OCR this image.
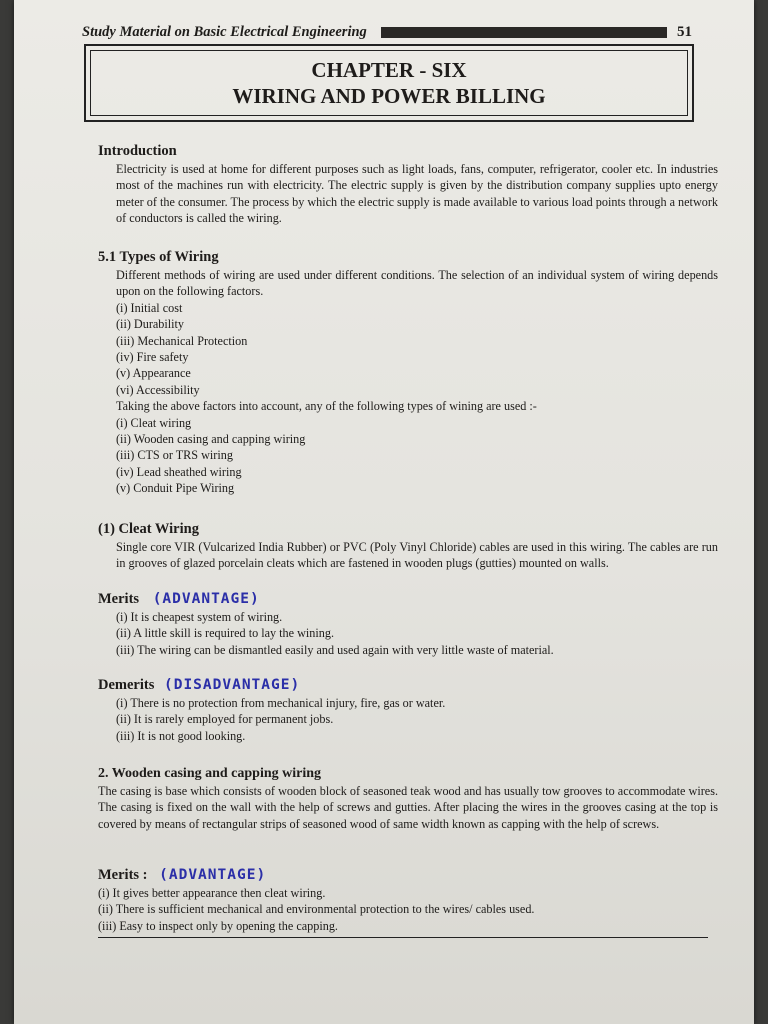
Study Material on Basic Electrical Engineering	51
CHAPTER - SIX
WIRING AND POWER BILLING
Introduction

Electricity is used at home for different purposes such as light loads, fans, computer, refrigerator, cooler etc. In industries most of the machines run with electricity. The electric supply is given by the distribution company supplies upto energy meter of the consumer. The process by which the electric supply is made available to various load points through a network of conductors is called the wiring.

5.1 Types of Wiring

Different methods of wiring are used under different conditions. The selection of an individual system of wiring depends upon on the following factors.

(i) Initial cost
(ii) Durability
(iii) Mechanical Protection
(iv) Fire safety
(v) Appearance
(vi) Accessibility

Taking the above factors into account, any of the following types of wining are used :-

(i) Cleat wiring
(ii) Wooden casing and capping wiring
(iii) CTS or TRS wiring
(iv) Lead sheathed wiring
(v) Conduit Pipe Wiring
(1) Cleat Wiring

Single core VIR (Vulcarized India Rubber) or PVC (Poly Vinyl Chloride) cables are used in this wiring. The cables are run in grooves of glazed porcelain cleats which are fastened in wooden plugs (gutties) mounted on walls.

Merits (ADVANTAGE)
(i) It is cheapest system of wiring.
(ii) A little skill is required to lay the wining.
(iii) The wiring can be dismantled easily and used again with very little waste of material.
Demerits (DISADVANTAGE)
(i) There is no protection from mechanical injury, fire, gas or water.
(ii) It is rarely employed for permanent jobs.
(iii) It is not good looking.
2. Wooden casing and capping wiring

The casing is base which consists of wooden block of seasoned teak wood and has usually tow grooves to accommodate wires. The casing is fixed on the wall with the help of screws and gutties. After placing the wires in the grooves casing at the top is covered by means of rectangular strips of seasoned wood of same width known as capping with the help of screws.

Merits : (ADVANTAGE)
(i) It gives better appearance then cleat wiring.
(ii) There is sufficient mechanical and environmental protection to the wires/ cables used.
(iii) Easy to inspect only by opening the capping.
